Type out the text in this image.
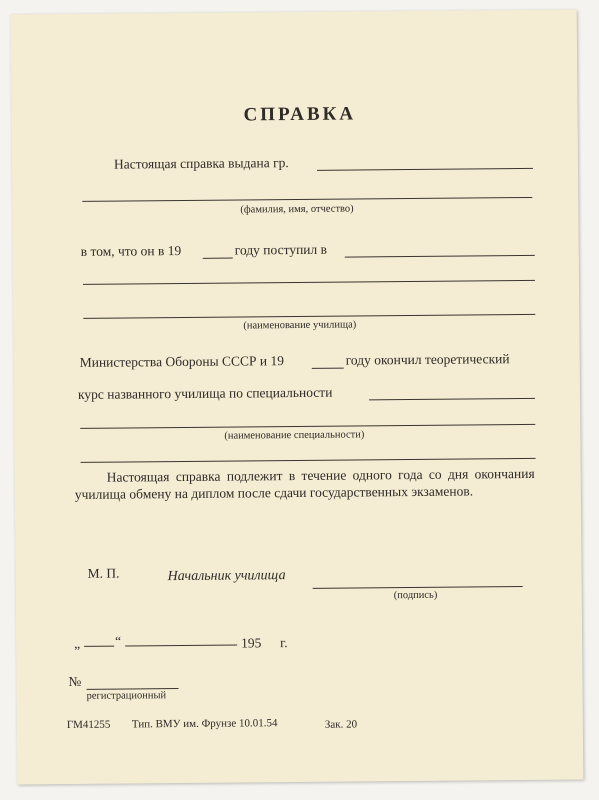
СПРАВКА
Настоящая справка выдана гр.
(фамилия, имя, отчество)
в том, что он в 19	году поступил в
(наименование училища)
Министерства Обороны СССР и 19	году окончил теоретический
курс названного училища по специальности
(наименование специальности)
Настоящая справка подлежит в течение одного года со дня окончания училища обмену на диплом после сдачи государственных экзаменов.
М. П.	Начальник училища
(подпись)
„	“	195 г.
№
регистрационный
ГМ41255 Тип. ВМУ им. Фрунзе 10.01.54	Зак. 20
